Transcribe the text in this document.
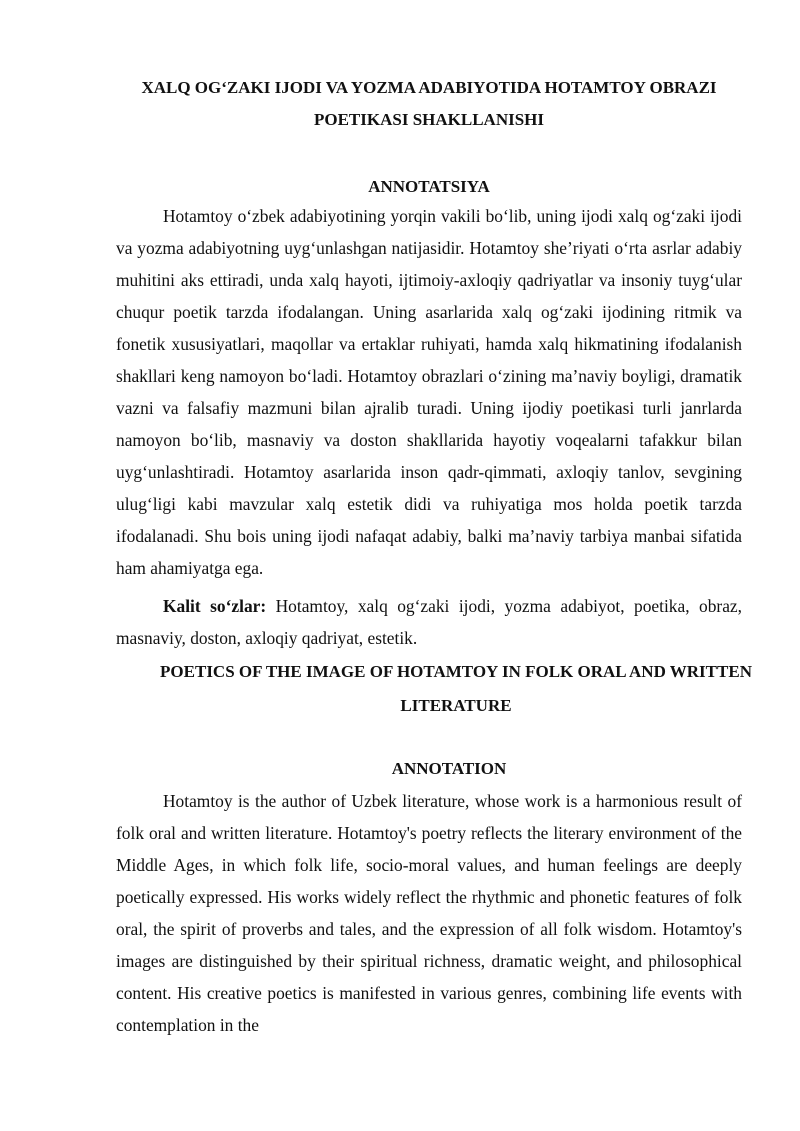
XALQ OG‘ZAKI IJODI VA YOZMA ADABIYOTIDA HOTAMTOY OBRAZI POETIKASI SHAKLLANISHI
ANNOTATSIYA

Hotamtoy o‘zbek adabiyotining yorqin vakili bo‘lib, uning ijodi xalq og‘zaki ijodi va yozma adabiyotning uyg‘unlashgan natijasidir. Hotamtoy she’riyati o‘rta asrlar adabiy muhitini aks ettiradi, unda xalq hayoti, ijtimoiy-axloqiy qadriyatlar va insoniy tuyg‘ular chuqur poetik tarzda ifodalangan. Uning asarlarida xalq og‘zaki ijodining ritmik va fonetik xususiyatlari, maqollar va ertaklar ruhiyati, hamda xalq hikmatining ifodalanish shakllari keng namoyon bo‘ladi. Hotamtoy obrazlari o‘zining ma’naviy boyligi, dramatik vazni va falsafiy mazmuni bilan ajralib turadi. Uning ijodiy poetikasi turli janrlarda namoyon bo‘lib, masnaviy va doston shakllarida hayotiy voqealarni tafakkur bilan uyg‘unlashtiradi. Hotamtoy asarlarida inson qadr-qimmati, axloqiy tanlov, sevgining ulug‘ligi kabi mavzular xalq estetik didi va ruhiyatiga mos holda poetik tarzda ifodalanadi. Shu bois uning ijodi nafaqat adabiy, balki ma’naviy tarbiya manbai sifatida ham ahamiyatga ega.

Kalit so‘zlar: Hotamtoy, xalq og‘zaki ijodi, yozma adabiyot, poetika, obraz, masnaviy, doston, axloqiy qadriyat, estetik.

POETICS OF THE IMAGE OF HOTAMTOY IN FOLK ORAL AND WRITTEN LITERATURE
ANNOTATION

Hotamtoy is the author of Uzbek literature, whose work is a harmonious result of folk oral and written literature. Hotamtoy's poetry reflects the literary environment of the Middle Ages, in which folk life, socio-moral values, and human feelings are deeply poetically expressed. His works widely reflect the rhythmic and phonetic features of folk oral, the spirit of proverbs and tales, and the expression of all folk wisdom. Hotamtoy's images are distinguished by their spiritual richness, dramatic weight, and philosophical content. His creative poetics is manifested in various genres, combining life events with contemplation in the
